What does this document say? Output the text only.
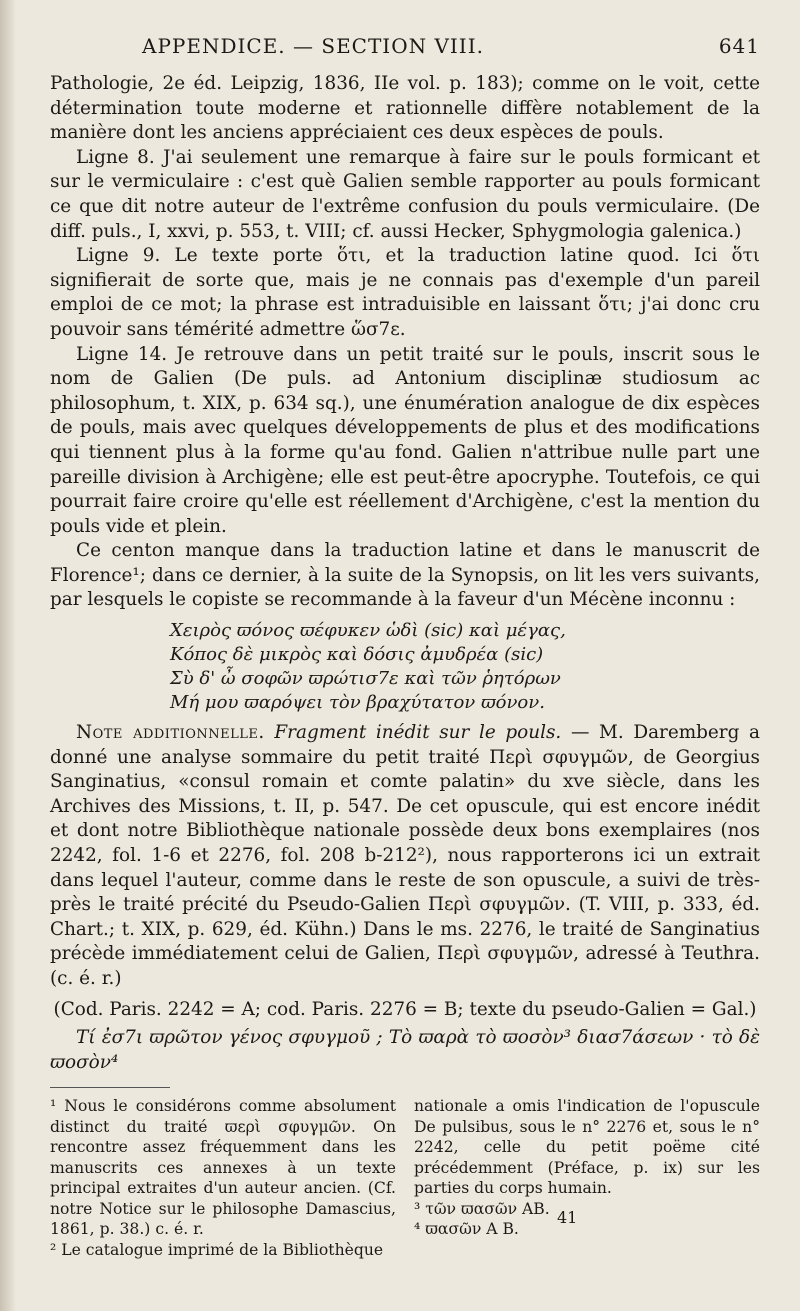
APPENDICE. — SECTION VIII.	641

Pathologie, 2e éd. Leipzig, 1836, IIe vol. p. 183); comme on le voit, cette détermination toute moderne et rationnelle diffère notablement de la manière dont les anciens appréciaient ces deux espèces de pouls.

Ligne 8. J'ai seulement une remarque à faire sur le pouls formicant et sur le vermiculaire : c'est què Galien semble rapporter au pouls formicant ce que dit notre auteur de l'extrême confusion du pouls vermiculaire. (De diff. puls., I, xxvi, p. 553, t. VIII; cf. aussi Hecker, Sphygmologia galenica.)

Ligne 9. Le texte porte ὅτι, et la traduction latine quod. Ici ὅτι signifierait de sorte que, mais je ne connais pas d'exemple d'un pareil emploi de ce mot; la phrase est intraduisible en laissant ὅτι; j'ai donc cru pouvoir sans témérité admettre ὥσ7ε.

Ligne 14. Je retrouve dans un petit traité sur le pouls, inscrit sous le nom de Galien (De puls. ad Antonium disciplinæ studiosum ac philosophum, t. XIX, p. 634 sq.), une énumération analogue de dix espèces de pouls, mais avec quelques développements de plus et des modifications qui tiennent plus à la forme qu'au fond. Galien n'attribue nulle part une pareille division à Archigène; elle est peut-être apocryphe. Toutefois, ce qui pourrait faire croire qu'elle est réellement d'Archigène, c'est la mention du pouls vide et plein.

Ce centon manque dans la traduction latine et dans le manuscrit de Florence¹; dans ce dernier, à la suite de la Synopsis, on lit les vers suivants, par lesquels le copiste se recommande à la faveur d'un Mécène inconnu :

Χειρὸς ϖόνος ϖέφυκεν ὡδὶ (sic) καὶ μέγας,
Κόπος δὲ μικρὸς καὶ δόσις ἀμυδρέα (sic)
Σὺ δ' ὦ σοφῶν ϖρώτισ7ε καὶ τῶν ῥητόρων
Μή μου ϖαρόψει τὸν βραχύτατον ϖόνον.

Note additionnelle. Fragment inédit sur le pouls. — M. Daremberg a donné une analyse sommaire du petit traité Περὶ σφυγμῶν, de Georgius Sanginatius, «consul romain et comte palatin» du xve siècle, dans les Archives des Missions, t. II, p. 547. De cet opuscule, qui est encore inédit et dont notre Bibliothèque nationale possède deux bons exemplaires (nos 2242, fol. 1-6 et 2276, fol. 208 b-212²), nous rapporterons ici un extrait dans lequel l'auteur, comme dans le reste de son opuscule, a suivi de très-près le traité précité du Pseudo-Galien Περὶ σφυγμῶν. (T. VIII, p. 333, éd. Chart.; t. XIX, p. 629, éd. Kühn.) Dans le ms. 2276, le traité de Sanginatius précède immédiatement celui de Galien, Περὶ σφυγμῶν, adressé à Teuthra. (c. é. r.)

(Cod. Paris. 2242 = A; cod. Paris. 2276 = B; texte du pseudo-Galien = Gal.)

Τί ἐσ7ι ϖρῶτον γένος σφυγμοῦ ; Τὸ ϖαρὰ τὸ ϖοσὸν³ διασ7άσεων · τὸ δὲ ϖοσὸν⁴

¹ Nous le considérons comme absolument distinct du traité ϖερὶ σφυγμῶν. On rencontre assez fréquemment dans les manuscrits ces annexes à un texte principal extraites d'un auteur ancien. (Cf. notre Notice sur le philosophe Damascius, 1861, p. 38.) c. é. r.

² Le catalogue imprimé de la Bibliothèque

nationale a omis l'indication de l'opuscule De pulsibus, sous le n° 2276 et, sous le n° 2242, celle du petit poëme cité précédemment (Préface, p. ix) sur les parties du corps humain.

³ τῶν ϖασῶν AB.

⁴ ϖασῶν A B.

41
